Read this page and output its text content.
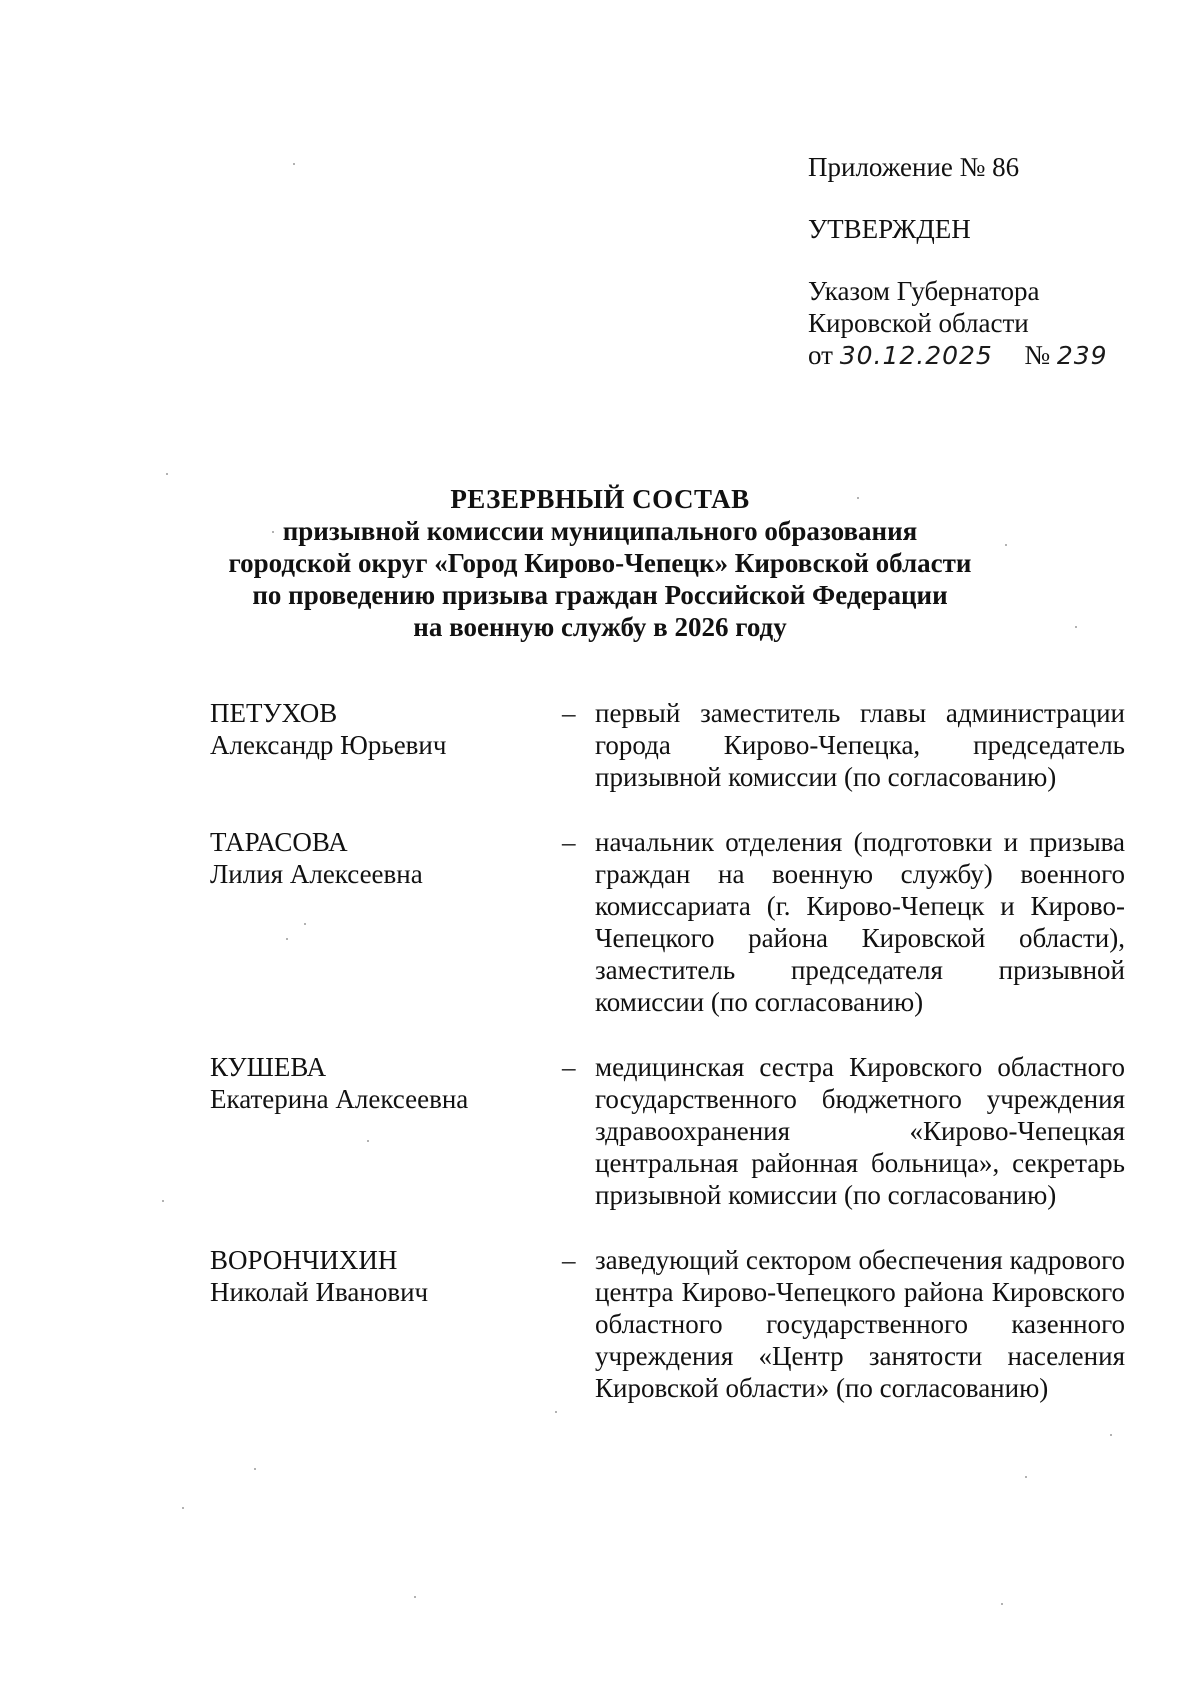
Приложение № 86
УТВЕРЖДЕН
Указом Губернатора
Кировской области
от 30.12.2025 № 239
РЕЗЕРВНЫЙ СОСТАВ
призывной комиссии муниципального образования
городской округ «Город Кирово-Чепецк» Кировской области
по проведению призыва граждан Российской Федерации
на военную службу в 2026 году
ПЕТУХОВ
Александр Юрьевич
– первый заместитель главы администрации города Кирово-Чепецка, председатель призывной комиссии (по согласованию)
ТАРАСОВА
Лилия Алексеевна
– начальник отделения (подготовки и призыва граждан на военную службу) военного комиссариата (г. Кирово-Чепецк и Кирово-Чепецкого района Кировской области), заместитель председателя призывной комиссии (по согласованию)
КУШЕВА
Екатерина Алексеевна
– медицинская сестра Кировского областного государственного бюджетного учреждения здравоохранения «Кирово-Чепецкая центральная районная больница», секретарь призывной комиссии (по согласованию)
ВОРОНЧИХИН
Николай Иванович
– заведующий сектором обеспечения кадрового центра Кирово-Чепецкого района Кировского областного государственного казенного учреждения «Центр занятости населения Кировской области» (по согласованию)
